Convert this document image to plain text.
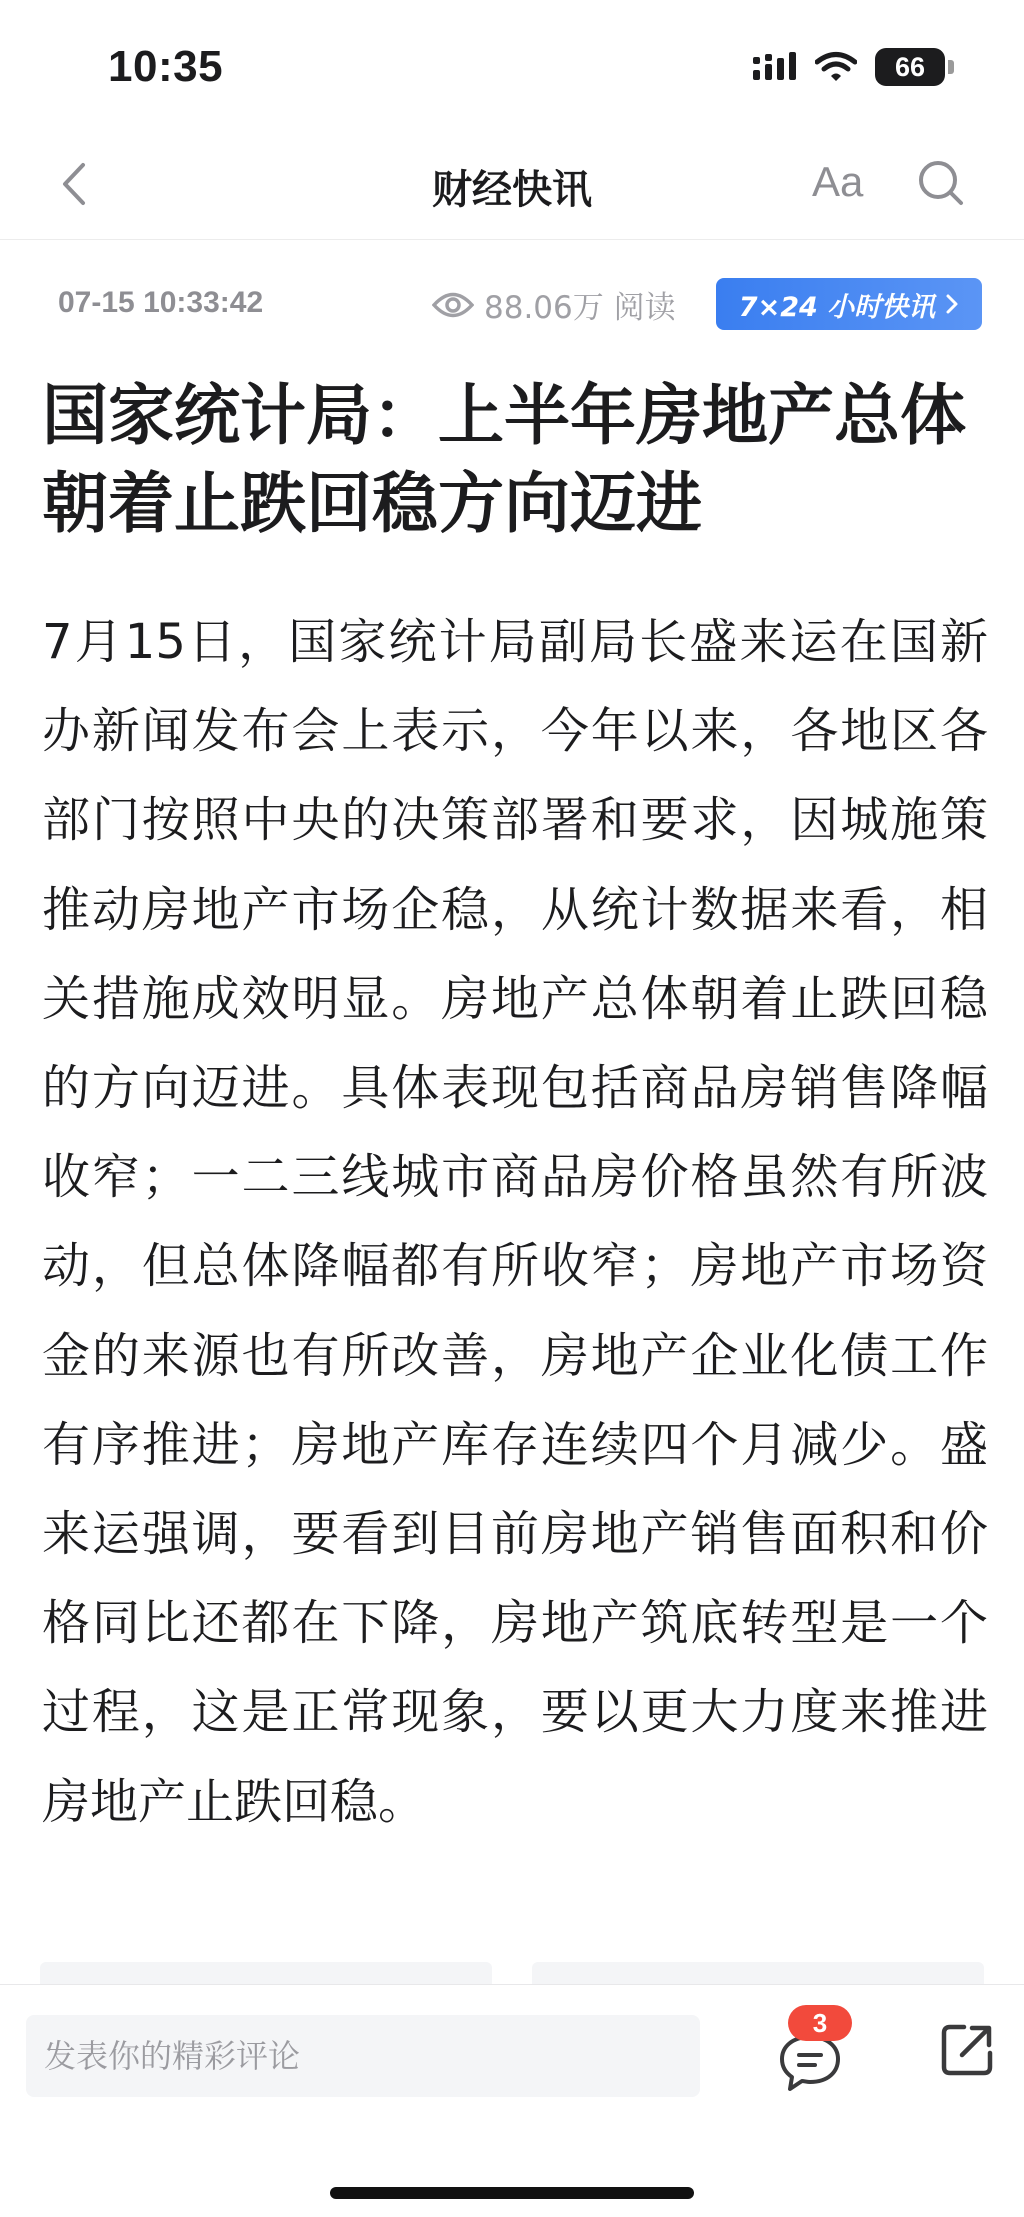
10:35	66
财经快讯	Aa
07-15 10:33:42	88.06万 阅读 7×24 小时快讯
国家统计局：上半年房地产总体朝着止跌回稳方向迈进

7月15日，国家统计局副局长盛来运在国新办新闻发布会上表示，今年以来，各地区各部门按照中央的决策部署和要求，因城施策推动房地产市场企稳，从统计数据来看，相关措施成效明显。房地产总体朝着止跌回稳的方向迈进。具体表现包括商品房销售降幅收窄；一二三线城市商品房价格虽然有所波动，但总体降幅都有所收窄；房地产市场资金的来源也有所改善，房地产企业化债工作有序推进；房地产库存连续四个月减少。盛来运强调，要看到目前房地产销售面积和价格同比还都在下降，房地产筑底转型是一个过程，这是正常现象，要以更大力度来推进房地产止跌回稳。

发表你的精彩评论
3
